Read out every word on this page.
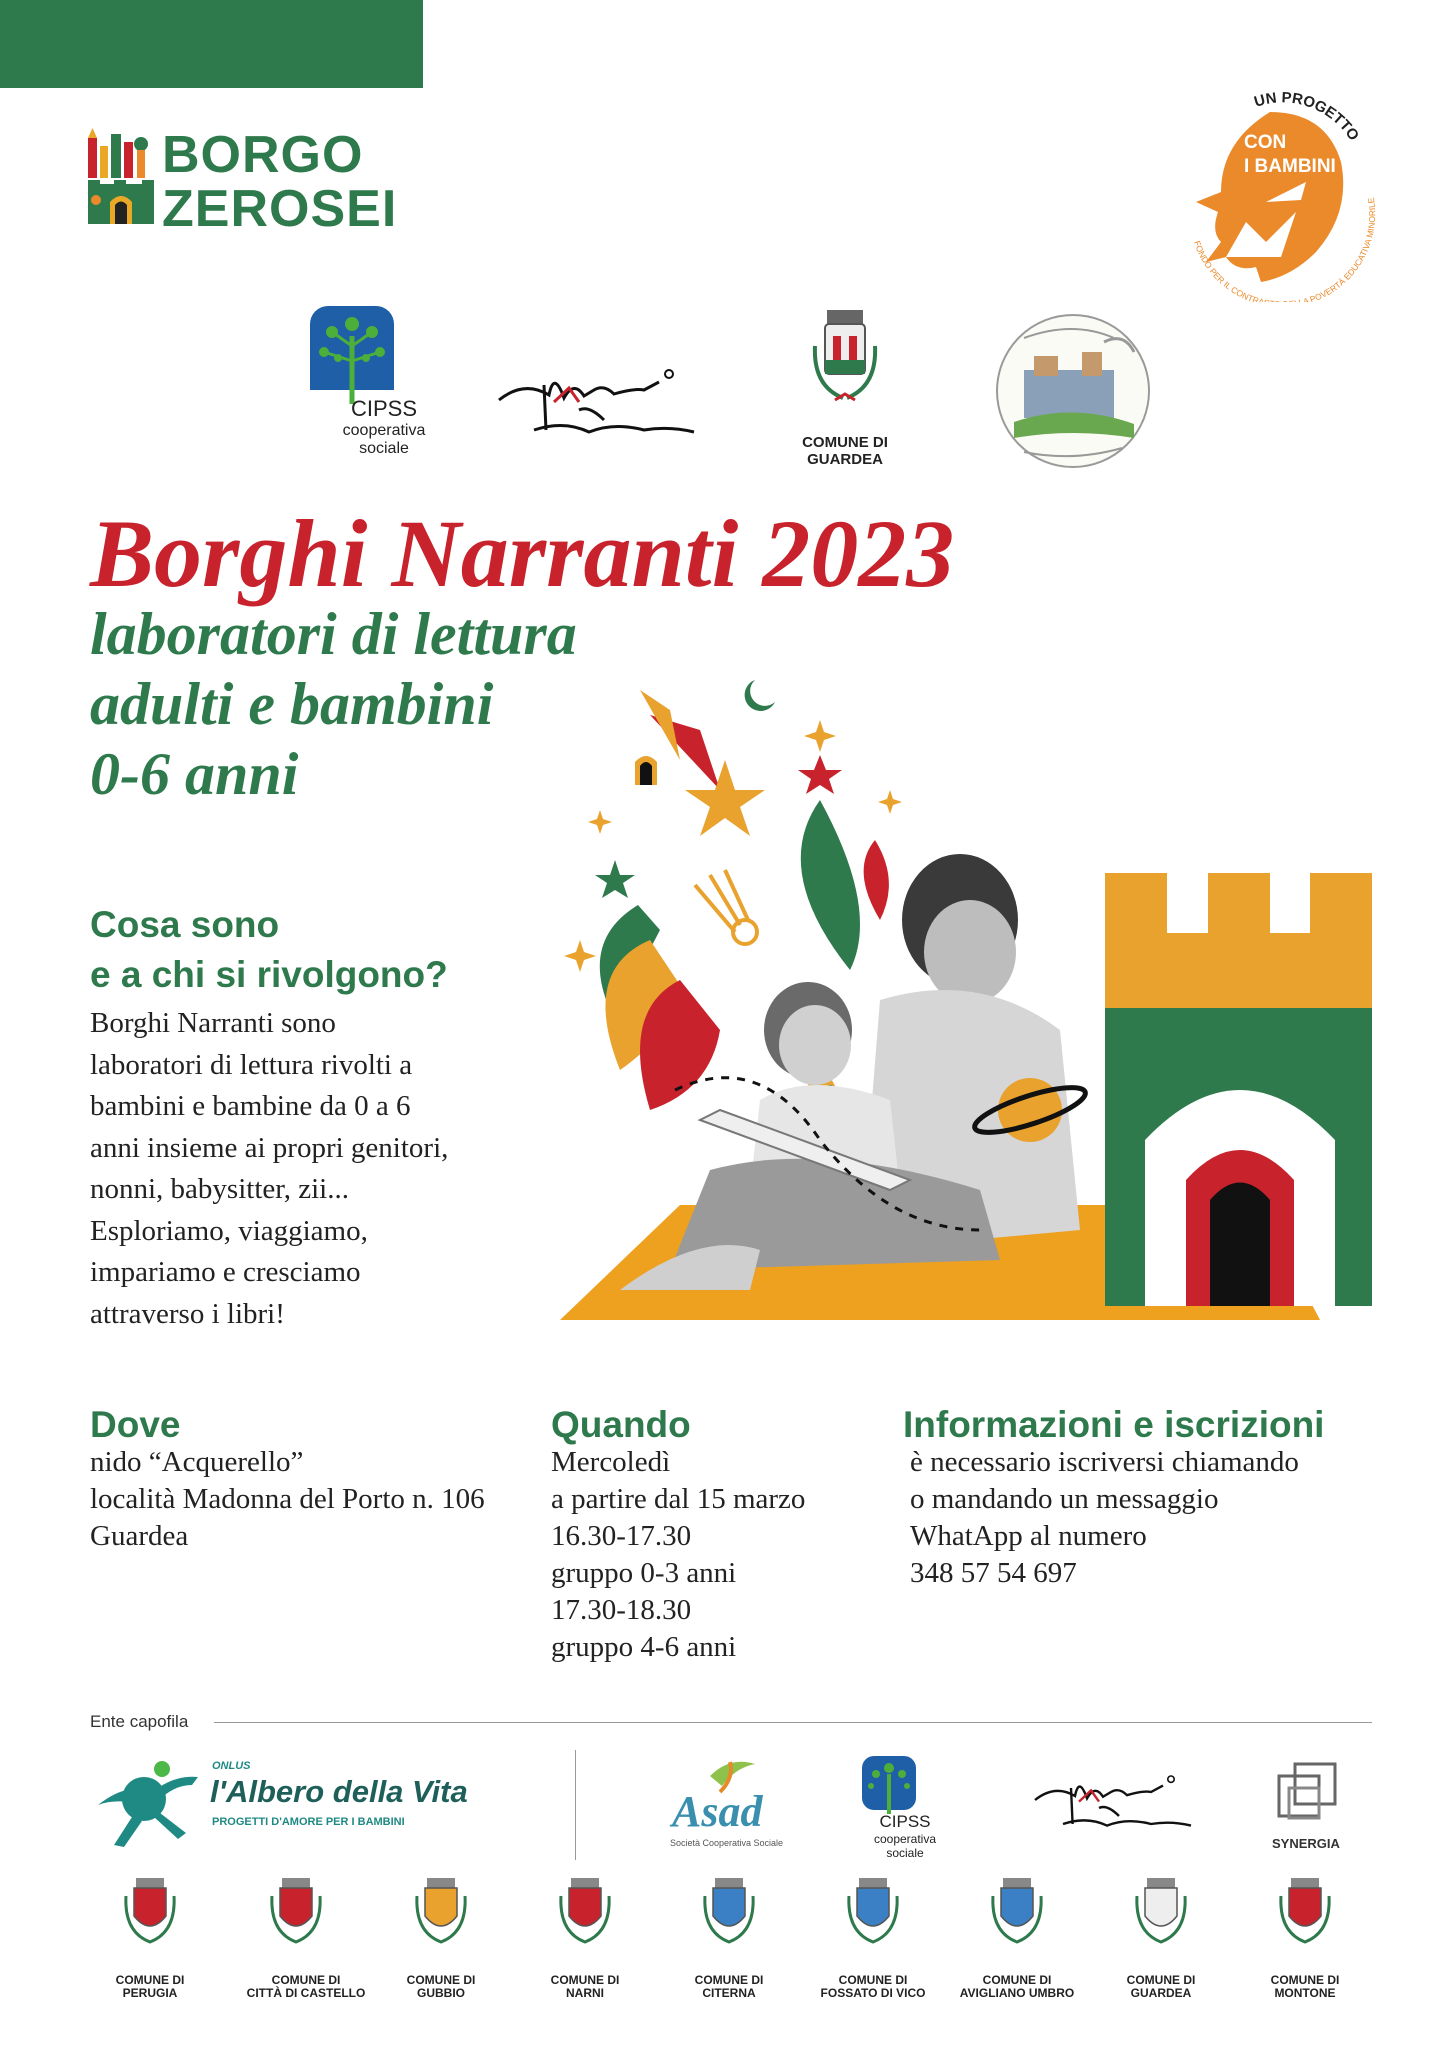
BORGO
ZEROSEI
UN PROGETTO
CON
I BAMBINI
FONDO PER IL CONTRA A POVERTÀ EDUCATIVA MINORILE
CIPSS
cooperativa
sociale	COMUNE DI
GUARDEA
Borghi Narranti 2023
laboratori di lettura
adulti e bambini
0-6 anni
Cosa sono
e a chi si rivolgono?
Borghi Narranti sono
laboratori di lettura rivolti a
bambini e bambine da 0 a 6
anni insieme ai propri genitori,
nonni, babysitter, zii...
Esploriamo, viaggiamo,
impariamo e cresciamo
attraverso i libri!
Dove
nido “Acquerello”
località Madonna del Porto n. 106
Guardea
Quando
Mercoledì
a partire dal 15 marzo
16.30-17.30
gruppo 0-3 anni
17.30-18.30
gruppo 4-6 anni
Informazioni e iscrizioni
è necessario iscriversi chiamando
o mandando un messaggio
WhatApp al numero
348 57 54 697
Ente capofila
ONLUS
l'Albero della Vita
PROGETTI D'AMORE PER I BAMBINI	Asad
Società Cooperativa Sociale
CIPSS
cooperativa
sociale
SYNERGIA
COMUNE DI
PERUGIA
COMUNE DI
CITTÀ DI CASTELLO
COMUNE DI
GUBBIO
COMUNE DI
NARNI
COMUNE DI
CITERNA
COMUNE DI
FOSSATO DI VICO
COMUNE DI
AVIGLIANO UMBRO
COMUNE DI
GUARDEA
COMUNE DI
MONTONE
